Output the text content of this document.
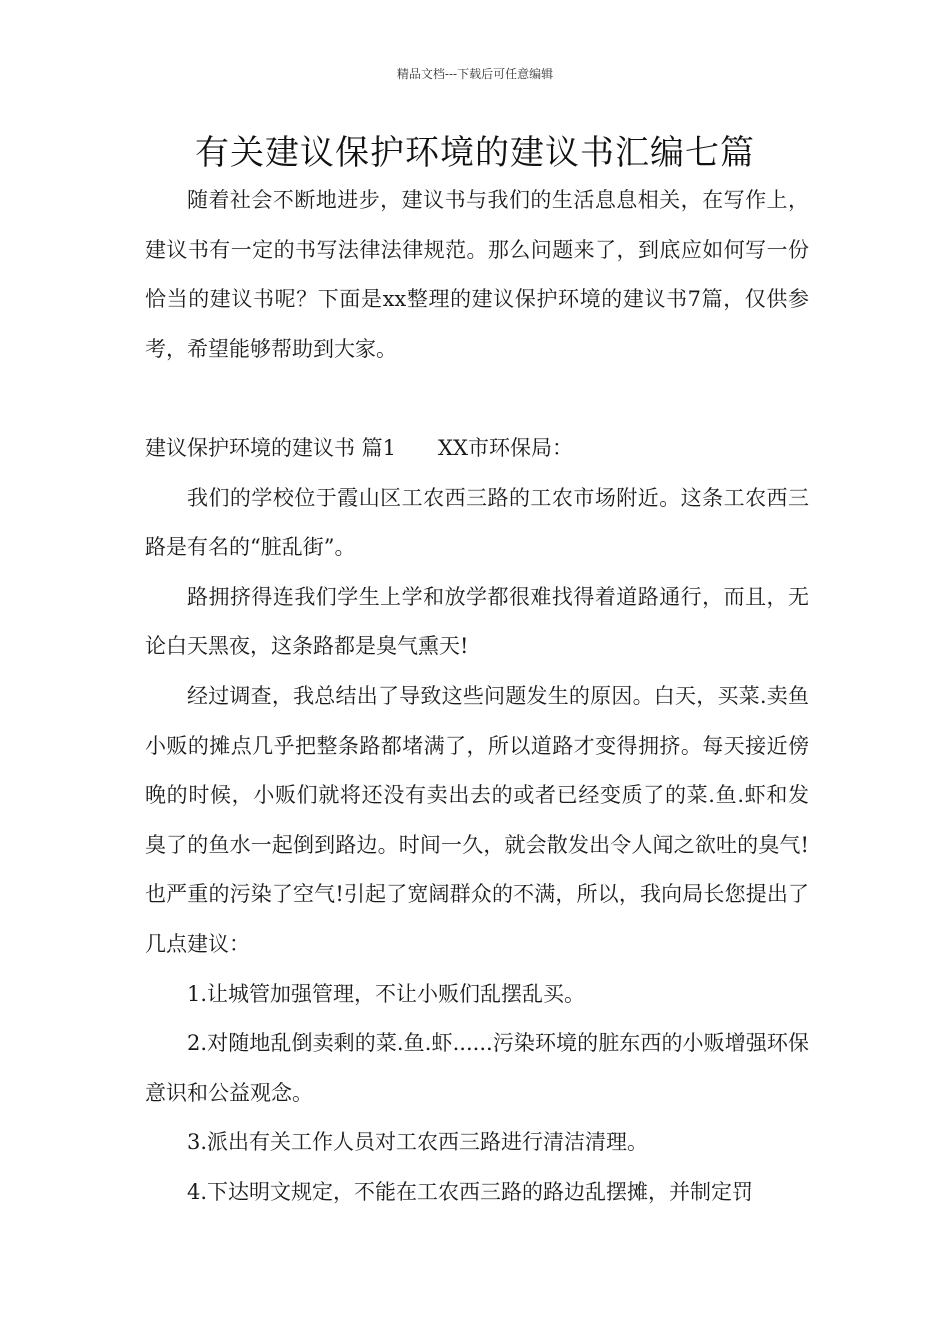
精品文档---下载后可任意编辑
有关建议保护环境的建议书汇编七篇

随着社会不断地进步，建议书与我们的生活息息相关，在写作上，建议书有一定的书写法律法律规范。那么问题来了，到底应如何写一份恰当的建议书呢？下面是xx整理的建议保护环境的建议书7篇，仅供参考，希望能够帮助到大家。

建议保护环境的建议书 篇1 XX市环保局：

我们的学校位于霞山区工农西三路的工农市场附近。这条工农西三路是有名的“脏乱街”。

路拥挤得连我们学生上学和放学都很难找得着道路通行，而且，无论白天黑夜，这条路都是臭气熏天!

经过调查，我总结出了导致这些问题发生的原因。白天，买菜.卖鱼小贩的摊点几乎把整条路都堵满了，所以道路才变得拥挤。每天接近傍晚的时候，小贩们就将还没有卖出去的或者已经变质了的菜.鱼.虾和发臭了的鱼水一起倒到路边。时间一久，就会散发出令人闻之欲吐的臭气!也严重的污染了空气!引起了宽阔群众的不满，所以，我向局长您提出了几点建议：

1.让城管加强管理，不让小贩们乱摆乱买。

2.对随地乱倒卖剩的菜.鱼.虾......污染环境的脏东西的小贩增强环保意识和公益观念。

3.派出有关工作人员对工农西三路进行清洁清理。

4.下达明文规定，不能在工农西三路的路边乱摆摊，并制定罚
